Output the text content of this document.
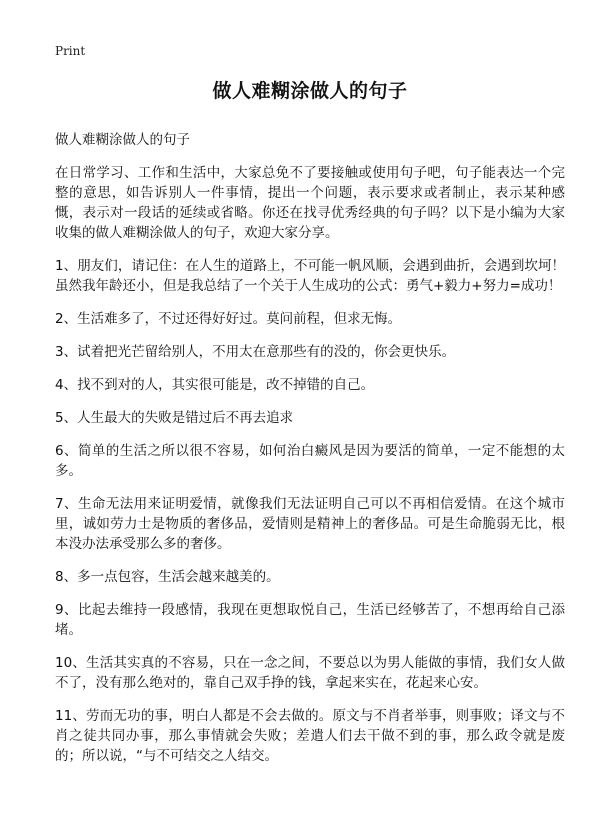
Print
做人难糊涂做人的句子

做人难糊涂做人的句子

在日常学习、工作和生活中，大家总免不了要接触或使用句子吧，句子能表达一个完整的意思，如告诉别人一件事情，提出一个问题，表示要求或者制止，表示某种感慨，表示对一段话的延续或省略。你还在找寻优秀经典的句子吗？以下是小编为大家收集的做人难糊涂做人的句子，欢迎大家分享。

1、朋友们，请记住：在人生的道路上，不可能一帆风顺，会遇到曲折，会遇到坎坷！虽然我年龄还小，但是我总结了一个关于人生成功的公式：勇气+毅力+努力=成功！

2、生活难多了，不过还得好好过。莫问前程，但求无悔。

3、试着把光芒留给别人，不用太在意那些有的没的，你会更快乐。

4、找不到对的人，其实很可能是，改不掉错的自己。

5、人生最大的失败是错过后不再去追求

6、简单的生活之所以很不容易，如何治白癜风是因为要活的简单，一定不能想的太多。

7、生命无法用来证明爱情，就像我们无法证明自己可以不再相信爱情。在这个城市里，诚如劳力士是物质的奢侈品，爱情则是精神上的奢侈品。可是生命脆弱无比，根本没办法承受那么多的奢侈。

8、多一点包容，生活会越来越美的。

9、比起去维持一段感情，我现在更想取悦自己，生活已经够苦了，不想再给自己添堵。

10、生活其实真的不容易，只在一念之间，不要总以为男人能做的事情，我们女人做不了，没有那么绝对的，靠自己双手挣的钱，拿起来实在，花起来心安。

11、劳而无功的事，明白人都是不会去做的。原文与不肖者举事，则事败；译文与不肖之徒共同办事，那么事情就会失败；差遣人们去干做不到的事，那么政令就是废的；所以说，“与不可结交之人结交。
